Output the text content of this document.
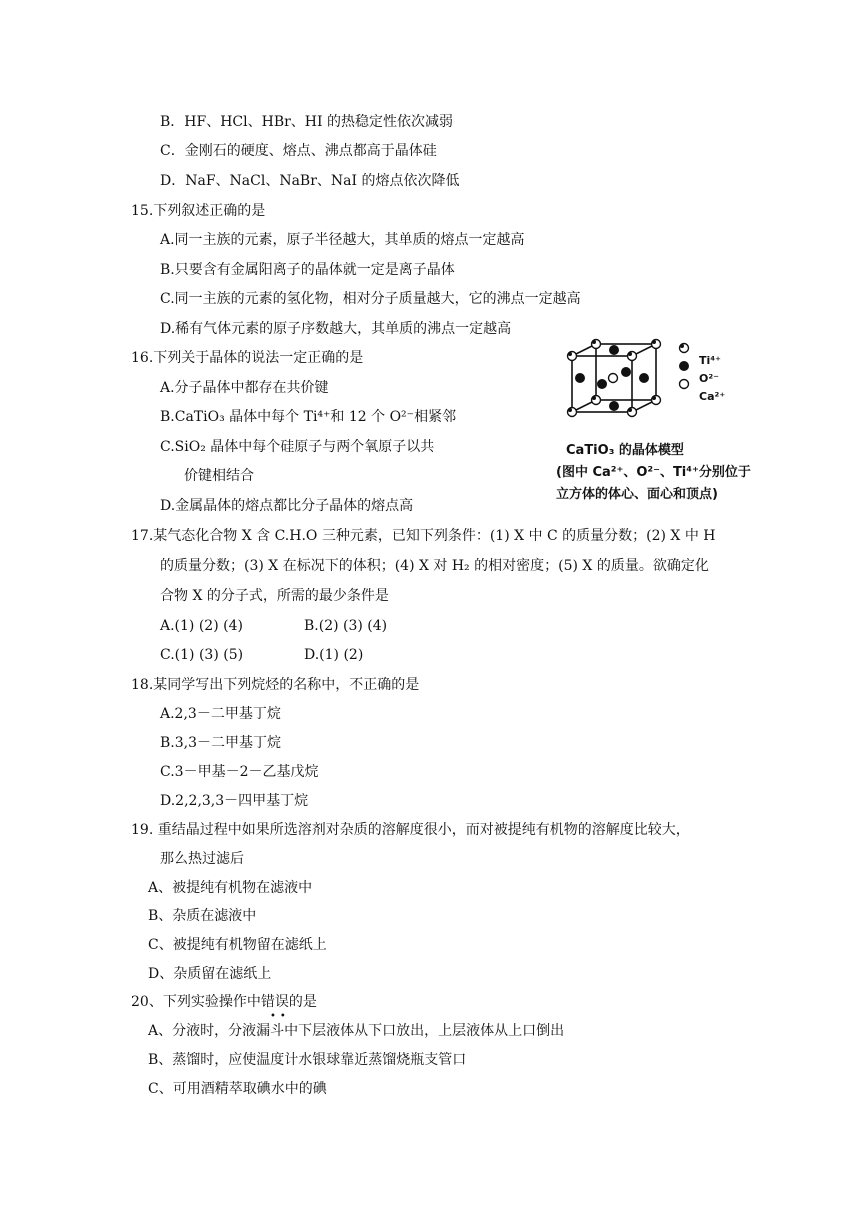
B．HF、HCl、HBr、HI 的热稳定性依次减弱
C．金刚石的硬度、熔点、沸点都高于晶体硅
D．NaF、NaCl、NaBr、NaI 的熔点依次降低
15.下列叙述正确的是
A.同一主族的元素，原子半径越大，其单质的熔点一定越高
B.只要含有金属阳离子的晶体就一定是离子晶体
C.同一主族的元素的氢化物，相对分子质量越大，它的沸点一定越高
D.稀有气体元素的原子序数越大，其单质的沸点一定越高
16.下列关于晶体的说法一定正确的是
A.分子晶体中都存在共价键
B.CaTiO₃ 晶体中每个 Ti⁴⁺和 12 个 O²⁻相紧邻
C.SiO₂ 晶体中每个硅原子与两个氧原子以共
价键相结合
D.金属晶体的熔点都比分子晶体的熔点高
17.某气态化合物 X 含 C.H.O 三种元素，已知下列条件：(1) X 中 C 的质量分数；(2) X 中 H
的质量分数；(3) X 在标况下的体积；(4) X 对 H₂ 的相对密度；(5) X 的质量。欲确定化
合物 X 的分子式，所需的最少条件是
A.(1) (2) (4)	B.(2) (3) (4)
C.(1) (3) (5)	D.(1) (2)
18.某同学写出下列烷烃的名称中，不正确的是
A.2,3－二甲基丁烷
B.3,3－二甲基丁烷
C.3－甲基－2－乙基戊烷
D.2,2,3,3－四甲基丁烷
19. 重结晶过程中如果所选溶剂对杂质的溶解度很小，而对被提纯有机物的溶解度比较大，
那么热过滤后
A、被提纯有机物在滤液中
B、杂质在滤液中
C、被提纯有机物留在滤纸上
D、杂质留在滤纸上
20、下列实验操作中错误的是
••
A、分液时，分液漏斗中下层液体从下口放出，上层液体从上口倒出
B、蒸馏时，应使温度计水银球靠近蒸馏烧瓶支管口
C、可用酒精萃取碘水中的碘
Ti⁴⁺
O²⁻
Ca²⁺
CaTiO₃ 的晶体模型
(图中 Ca²⁺、O²⁻、Ti⁴⁺分别位于
立方体的体心、面心和顶点)
